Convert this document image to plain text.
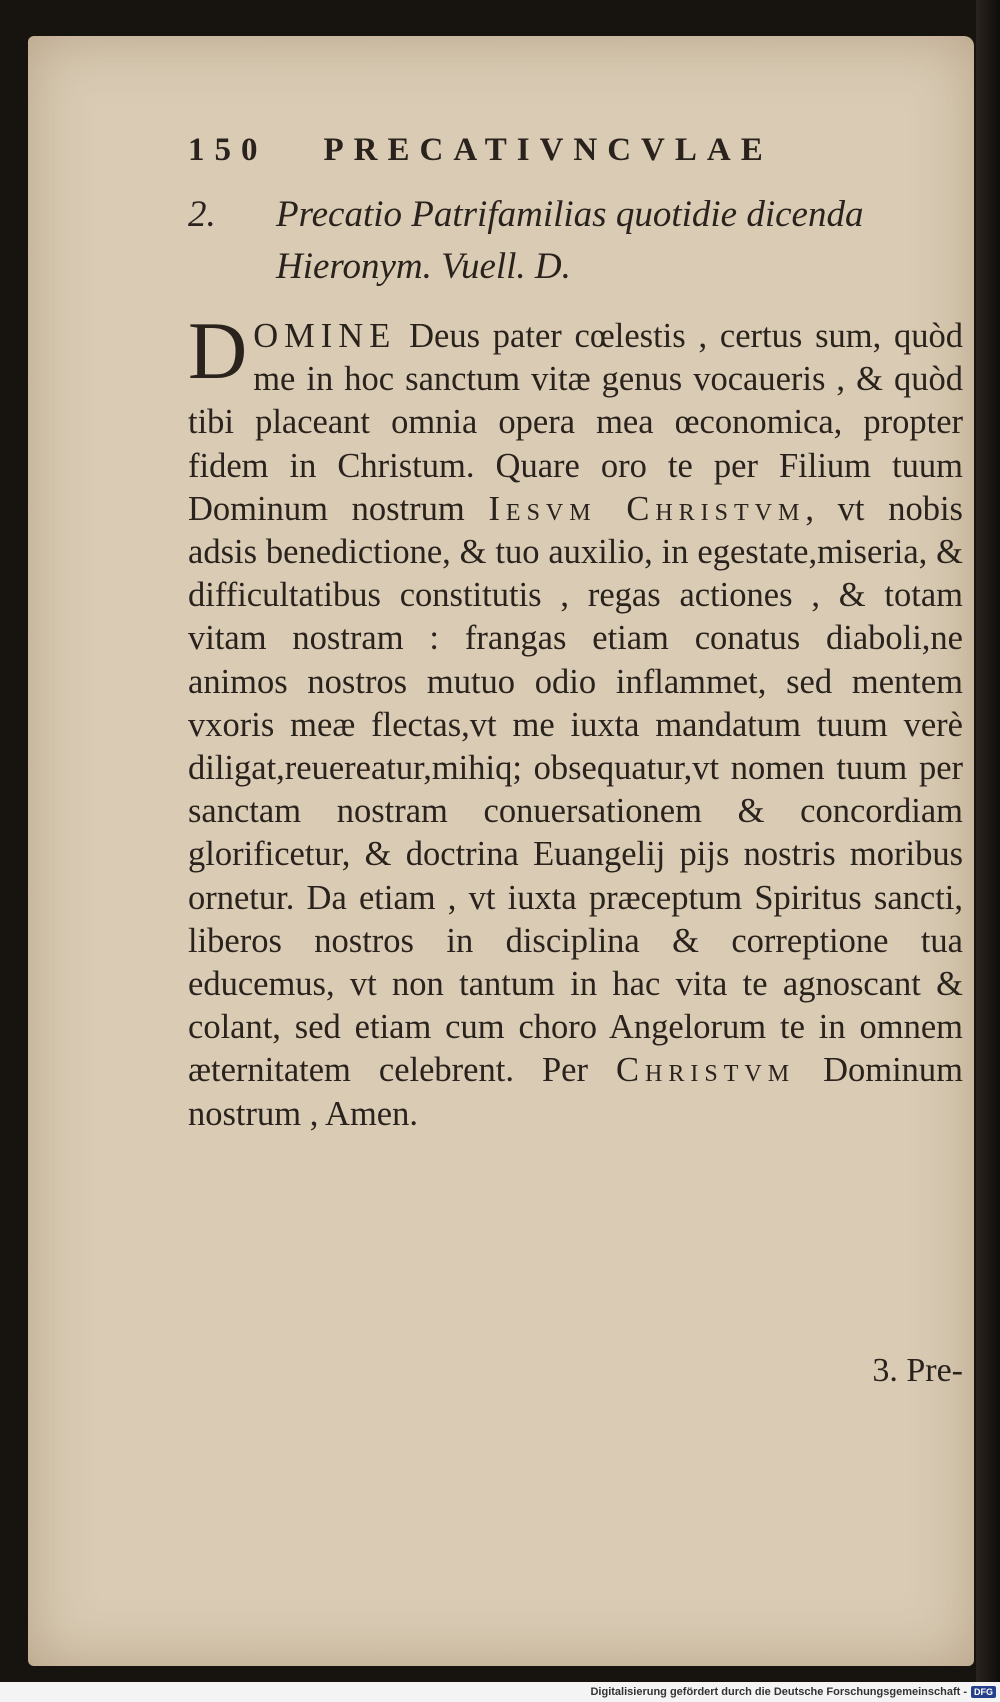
150 PRECATIVNCVLAE
2.	Precatio Patrifamilias quotidie dicenda Hieronym. Vuell. D.

DOMINE Deus pater cœlestis , certus sum, quòd me in hoc sanctum vitæ genus vocaueris , & quòd tibi placeant omnia opera mea œconomica, propter fidem in Christum. Quare oro te per Filium tuum Dominum nostrum Iesvm Christvm, vt nobis adsis benedictione, & tuo auxilio, in egestate,miseria, & difficultatibus constitutis , regas actiones , & totam vitam nostram : frangas etiam conatus diaboli,ne animos nostros mutuo odio inflammet, sed mentem vxoris meæ flectas,vt me iuxta mandatum tuum verè diligat,reuereatur,mihiq; obsequatur,vt nomen tuum per sanctam nostram conuersationem & concordiam glorificetur, & doctrina Euangelij pijs nostris moribus ornetur. Da etiam , vt iuxta præceptum Spiritus sancti, liberos nostros in disciplina & correptione tua educemus, vt non tantum in hac vita te agnoscant & colant, sed etiam cum choro Angelorum te in omnem æternitatem celebrent. Per Christvm Dominum nostrum , Amen.

3. Pre-
Digitalisierung gefördert durch die Deutsche Forschungsgemeinschaft - DFG
